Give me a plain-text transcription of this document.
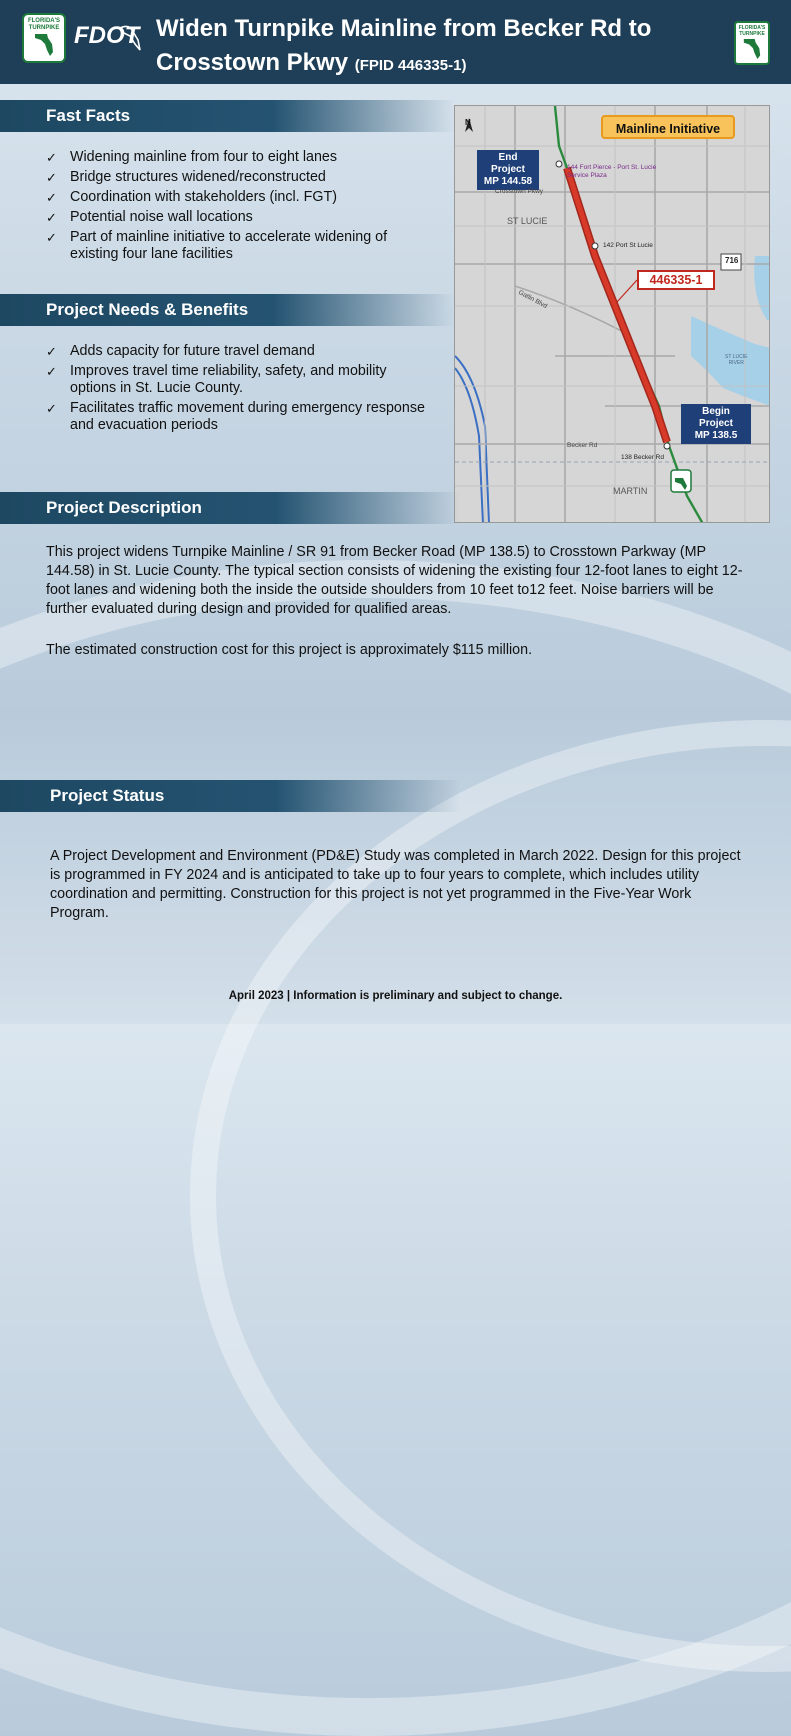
FLORIDA'S TURNPIKE FDOT Widen Turnpike Mainline from Becker Rd to
Crosstown Pkwy (FPID 446335-1)
FLORIDA'S TURNPIKE
Fast Facts
✓ Widening mainline from four to eight lanes
✓ Bridge structures widened/reconstructed
✓ Coordination with stakeholders (incl. FGT)
✓ Potential noise wall locations
✓ Part of mainline initiative to accelerate widening of existing four lane facilities
Project Needs & Benefits
✓ Adds capacity for future travel demand
✓ Improves travel time reliability, safety, and mobility options in St. Lucie County.
✓ Facilitates traffic movement during emergency response and evacuation periods
N	Mainline Initiative
End Project
MP 144.58
144 Fort Pierce - Port St. Lucie
Service Plaza
Crosstown Pkwy
ST LUCIE
142 Port St Lucie
446335-1
716
Gatlin Blvd
ST LUCIE
RIVER
Begin Project
MP 138.5
Becker Rd
138 Becker Rd
MARTIN
Project Description

This project widens Turnpike Mainline / SR 91 from Becker Road (MP 138.5) to Crosstown Parkway (MP 144.58) in St. Lucie County. The typical section consists of widening the existing four 12-foot lanes to eight 12-foot lanes and widening both the inside the outside shoulders from 10 feet to12 feet. Noise barriers will be further evaluated during design and provided for qualified areas.

The estimated construction cost for this project is approximately $115 million.

Project Status

A Project Development and Environment (PD&E) Study was completed in March 2022. Design for this project is programmed in FY 2024 and is anticipated to take up to four years to complete, which includes utility coordination and permitting. Construction for this project is not yet programmed in the Five-Year Work Program.

April 2023 | Information is preliminary and subject to change.
